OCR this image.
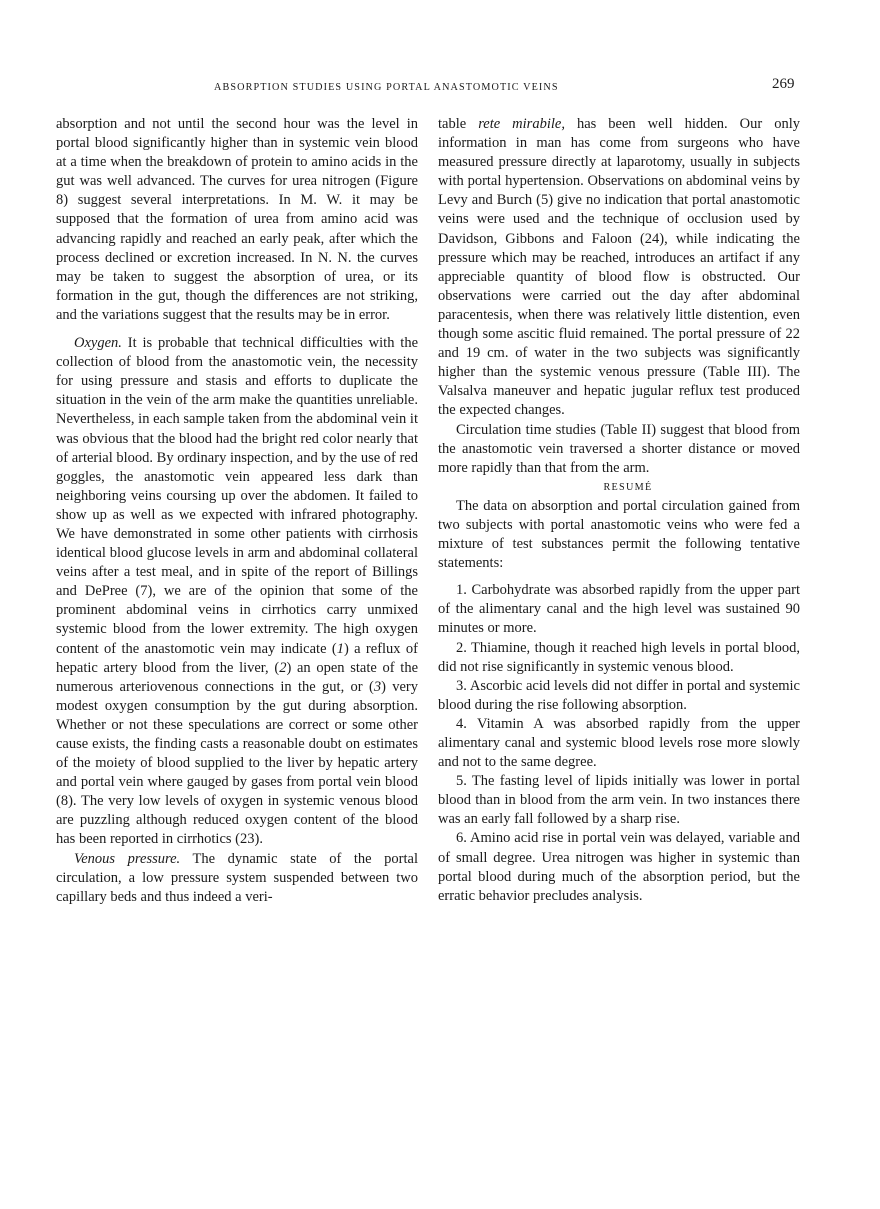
ABSORPTION STUDIES USING PORTAL ANASTOMOTIC VEINS	269

absorption and not until the second hour was the level in portal blood significantly higher than in systemic vein blood at a time when the breakdown of protein to amino acids in the gut was well advanced. The curves for urea nitrogen (Figure 8) suggest several interpretations. In M. W. it may be supposed that the formation of urea from amino acid was advancing rapidly and reached an early peak, after which the process declined or excretion increased. In N. N. the curves may be taken to suggest the absorption of urea, or its formation in the gut, though the differences are not striking, and the variations suggest that the results may be in error.

Oxygen. It is probable that technical difficulties with the collection of blood from the anastomotic vein, the necessity for using pressure and stasis and efforts to duplicate the situation in the vein of the arm make the quantities unreliable. Nevertheless, in each sample taken from the abdominal vein it was obvious that the blood had the bright red color nearly that of arterial blood. By ordinary inspection, and by the use of red goggles, the anastomotic vein appeared less dark than neighboring veins coursing up over the abdomen. It failed to show up as well as we expected with infrared photography. We have demonstrated in some other patients with cirrhosis identical blood glucose levels in arm and abdominal collateral veins after a test meal, and in spite of the report of Billings and DePree (7), we are of the opinion that some of the prominent abdominal veins in cirrhotics carry unmixed systemic blood from the lower extremity. The high oxygen content of the anastomotic vein may indicate (1) a reflux of hepatic artery blood from the liver, (2) an open state of the numerous arteriovenous connections in the gut, or (3) very modest oxygen consumption by the gut during absorption. Whether or not these speculations are correct or some other cause exists, the finding casts a reasonable doubt on estimates of the moiety of blood supplied to the liver by hepatic artery and portal vein where gauged by gases from portal vein blood (8). The very low levels of oxygen in systemic venous blood are puzzling although reduced oxygen content of the blood has been reported in cirrhotics (23).

Venous pressure. The dynamic state of the portal circulation, a low pressure system suspended between two capillary beds and thus indeed a veri-

table rete mirabile, has been well hidden. Our only information in man has come from surgeons who have measured pressure directly at laparotomy, usually in subjects with portal hypertension. Observations on abdominal veins by Levy and Burch (5) give no indication that portal anastomotic veins were used and the technique of occlusion used by Davidson, Gibbons and Faloon (24), while indicating the pressure which may be reached, introduces an artifact if any appreciable quantity of blood flow is obstructed. Our observations were carried out the day after abdominal paracentesis, when there was relatively little distention, even though some ascitic fluid remained. The portal pressure of 22 and 19 cm. of water in the two subjects was significantly higher than the systemic venous pressure (Table III). The Valsalva maneuver and hepatic jugular reflux test produced the expected changes.

Circulation time studies (Table II) suggest that blood from the anastomotic vein traversed a shorter distance or moved more rapidly than that from the arm.

RESUMÉ

The data on absorption and portal circulation gained from two subjects with portal anastomotic veins who were fed a mixture of test substances permit the following tentative statements:

1. Carbohydrate was absorbed rapidly from the upper part of the alimentary canal and the high level was sustained 90 minutes or more.

2. Thiamine, though it reached high levels in portal blood, did not rise significantly in systemic venous blood.

3. Ascorbic acid levels did not differ in portal and systemic blood during the rise following absorption.

4. Vitamin A was absorbed rapidly from the upper alimentary canal and systemic blood levels rose more slowly and not to the same degree.

5. The fasting level of lipids initially was lower in portal blood than in blood from the arm vein. In two instances there was an early fall followed by a sharp rise.

6. Amino acid rise in portal vein was delayed, variable and of small degree. Urea nitrogen was higher in systemic than portal blood during much of the absorption period, but the erratic behavior precludes analysis.
